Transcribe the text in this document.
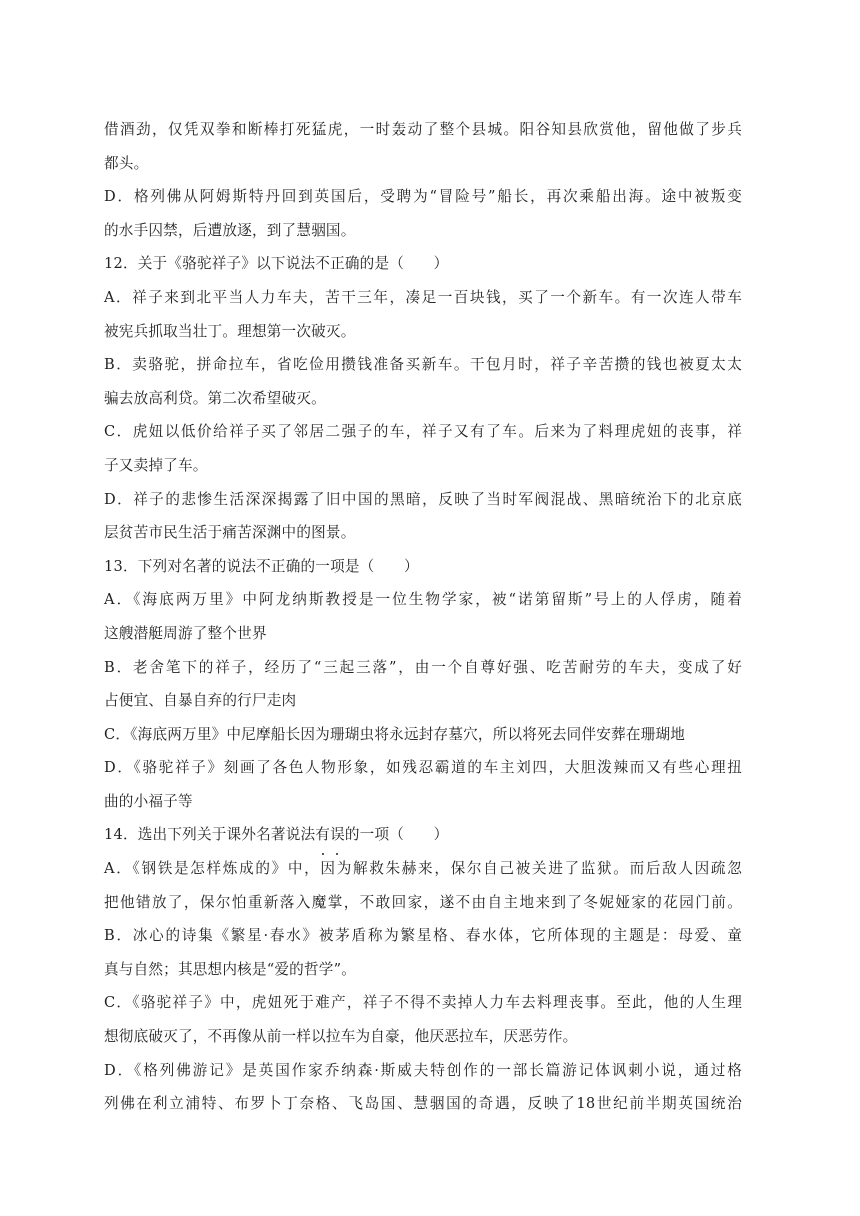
借酒劲，仅凭双拳和断棒打死猛虎，一时轰动了整个县城。阳谷知县欣赏他，留他做了步兵
都头。
D．格列佛从阿姆斯特丹回到英国后，受聘为“冒险号”船长，再次乘船出海。途中被叛变
的水手囚禁，后遭放逐，到了慧骃国。
12．关于《骆驼祥子》以下说法不正确的是（　　）
A．祥子来到北平当人力车夫，苦干三年，凑足一百块钱，买了一个新车。有一次连人带车
被宪兵抓取当壮丁。理想第一次破灭。
B．卖骆驼，拼命拉车，省吃俭用攒钱准备买新车。干包月时，祥子辛苦攒的钱也被夏太太
骗去放高利贷。第二次希望破灭。
C．虎妞以低价给祥子买了邻居二强子的车，祥子又有了车。后来为了料理虎妞的丧事，祥
子又卖掉了车。
D．祥子的悲惨生活深深揭露了旧中国的黑暗，反映了当时军阀混战、黑暗统治下的北京底
层贫苦市民生活于痛苦深渊中的图景。
13．下列对名著的说法不正确的一项是（　　）
A．《海底两万里》中阿龙纳斯教授是一位生物学家，被“诺第留斯”号上的人俘虏，随着
这艘潜艇周游了整个世界
B．老舍笔下的祥子，经历了“三起三落”，由一个自尊好强、吃苦耐劳的车夫，变成了好
占便宜、自暴自弃的行尸走肉
C．《海底两万里》中尼摩船长因为珊瑚虫将永远封存墓穴，所以将死去同伴安葬在珊瑚地
D．《骆驼祥子》刻画了各色人物形象，如残忍霸道的车主刘四，大胆泼辣而又有些心理扭
曲的小福子等
14．选出下列关于课外名著说法有误的一项（　　）
A．《钢铁是怎样炼成的》中，因为解救朱赫来，保尔自己被关进了监狱。而后敌人因疏忽
把他错放了，保尔怕重新落入魔掌，不敢回家，遂不由自主地来到了冬妮娅家的花园门前。
B．冰心的诗集《繁星·春水》被茅盾称为繁星格、春水体，它所体现的主题是：母爱、童
真与自然；其思想内核是“爱的哲学”。
C．《骆驼祥子》中，虎妞死于难产，祥子不得不卖掉人力车去料理丧事。至此，他的人生理
想彻底破灭了，不再像从前一样以拉车为自豪，他厌恶拉车，厌恶劳作。
D．《格列佛游记》是英国作家乔纳森·斯威夫特创作的一部长篇游记体讽刺小说，通过格
列佛在利立浦特、布罗卜丁奈格、飞岛国、慧骃国的奇遇，反映了18世纪前半期英国统治
